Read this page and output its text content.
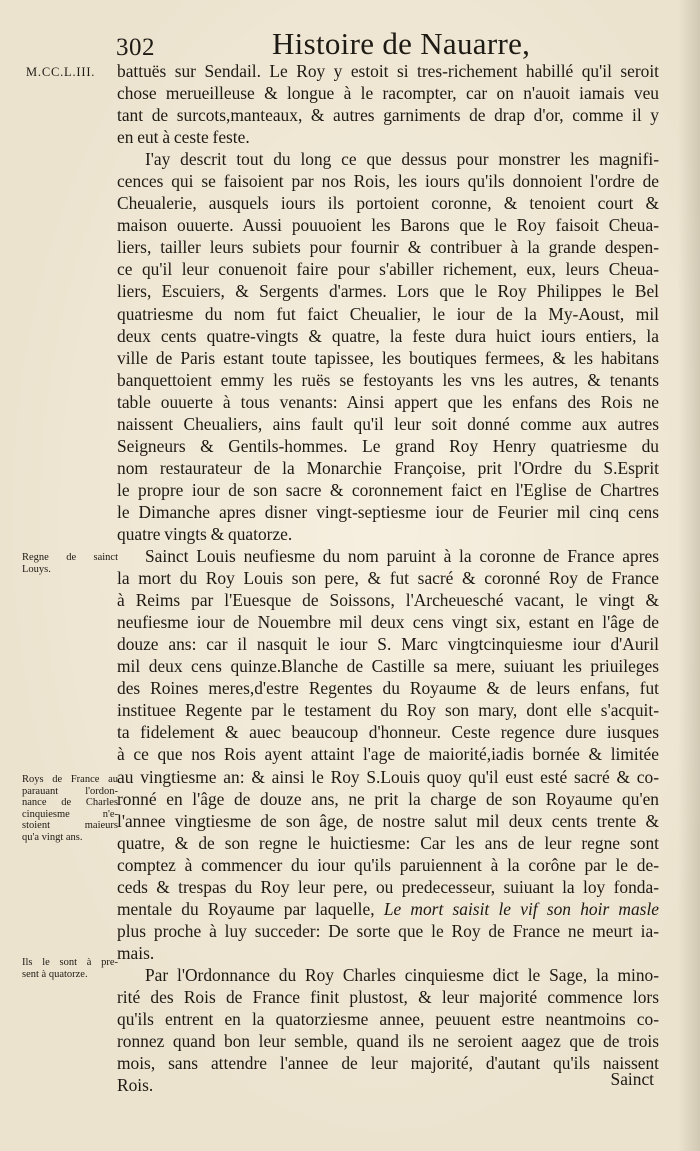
302	Histoire de Nauarre,
M.CC.L.III.
Regne de sainct
Louys.
Roys de France au
parauant l'ordon-
nance de Charles
cinquiesme n'e-
stoient maieurs
qu'a vingt ans.
Ils le sont à pre-
sent à quatorze.
battuës sur Sendail. Le Roy y estoit si tres-richement habillé qu'il seroit
chose merueilleuse & longue à le racompter, car on n'auoit iamais veu
tant de surcots,manteaux, & autres garniments de drap d'or, comme il y
en eut à ceste feste.
I'ay descrit tout du long ce que dessus pour monstrer les magnifi-
cences qui se faisoient par nos Rois, les iours qu'ils donnoient l'ordre de
Cheualerie, ausquels iours ils portoient coronne, & tenoient court &
maison ouuerte. Aussi pouuoient les Barons que le Roy faisoit Cheua-
liers, tailler leurs subiets pour fournir & contribuer à la grande despen-
ce qu'il leur conuenoit faire pour s'abiller richement, eux, leurs Cheua-
liers, Escuiers, & Sergents d'armes. Lors que le Roy Philippes le Bel
quatriesme du nom fut faict Cheualier, le iour de la My-Aoust, mil
deux cents quatre-vingts & quatre, la feste dura huict iours entiers, la
ville de Paris estant toute tapissee, les boutiques fermees, & les habitans
banquettoient emmy les ruës se festoyants les vns les autres, & tenants
table ouuerte à tous venants: Ainsi appert que les enfans des Rois ne
naissent Cheualiers, ains fault qu'il leur soit donné comme aux autres
Seigneurs & Gentils-hommes. Le grand Roy Henry quatriesme du
nom restaurateur de la Monarchie Françoise, prit l'Ordre du S.Esprit
le propre iour de son sacre & coronnement faict en l'Eglise de Chartres
le Dimanche apres disner vingt-septiesme iour de Feurier mil cinq cens
quatre vingts & quatorze.
Sainct Louis neufiesme du nom paruint à la coronne de France apres
la mort du Roy Louis son pere, & fut sacré & coronné Roy de France
à Reims par l'Euesque de Soissons, l'Archeuesché vacant, le vingt &
neufiesme iour de Nouembre mil deux cens vingt six, estant en l'âge de
douze ans: car il nasquit le iour S. Marc vingtcinquiesme iour d'Auril
mil deux cens quinze.Blanche de Castille sa mere, suiuant les priuileges
des Roines meres,d'estre Regentes du Royaume & de leurs enfans, fut
instituee Regente par le testament du Roy son mary, dont elle s'acquit-
ta fidelement & auec beaucoup d'honneur. Ceste regence dure iusques
à ce que nos Rois ayent attaint l'age de maiorité,iadis bornée & limitée
au vingtiesme an: & ainsi le Roy S.Louis quoy qu'il eust esté sacré & co-
ronné en l'âge de douze ans, ne prit la charge de son Royaume qu'en
l'annee vingtiesme de son âge, de nostre salut mil deux cents trente &
quatre, & de son regne le huictiesme: Car les ans de leur regne sont
comptez à commencer du iour qu'ils paruiennent à la corône par le de-
ceds & trespas du Roy leur pere, ou predecesseur, suiuant la loy fonda-
mentale du Royaume par laquelle, Le mort saisit le vif son hoir masle
plus proche à luy succeder: De sorte que le Roy de France ne meurt ia-
mais.
Par l'Ordonnance du Roy Charles cinquiesme dict le Sage, la mino-
rité des Rois de France finit plustost, & leur majorité commence lors
qu'ils entrent en la quatorziesme annee, peuuent estre neantmoins co-
ronnez quand bon leur semble, quand ils ne seroient aagez que de trois
mois, sans attendre l'annee de leur majorité, d'autant qu'ils naissent
Rois.	Sainct
